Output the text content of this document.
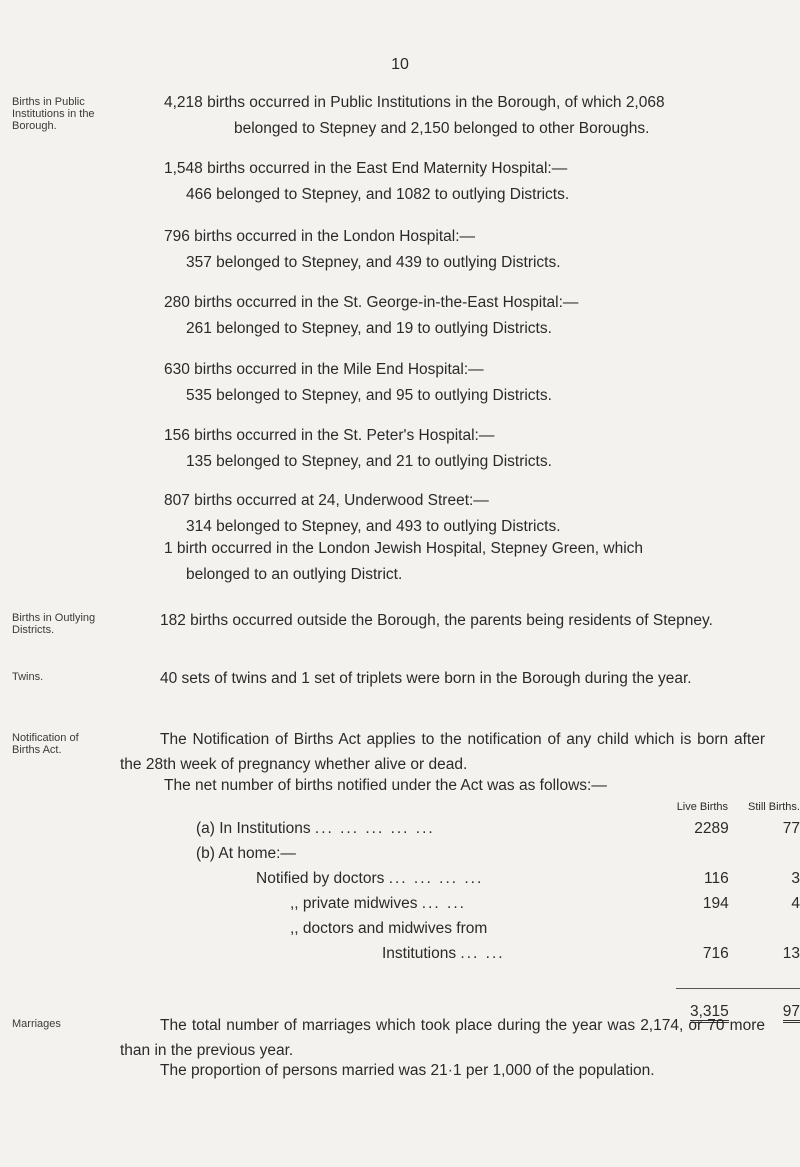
10
Births in Public Institutions in the Borough.
Births in Outlying Districts.
Twins.
Notification of Births Act.
Marriages
4,218 births occurred in Public Institutions in the Borough, of which 2,068
belonged to Stepney and 2,150 belonged to other Boroughs.
1,548 births occurred in the East End Maternity Hospital:—
466 belonged to Stepney, and 1082 to outlying Districts.
796 births occurred in the London Hospital:—
357 belonged to Stepney, and 439 to outlying Districts.
280 births occurred in the St. George-in-the-East Hospital:—
261 belonged to Stepney, and 19 to outlying Districts.
630 births occurred in the Mile End Hospital:—
535 belonged to Stepney, and 95 to outlying Districts.
156 births occurred in the St. Peter's Hospital:—
135 belonged to Stepney, and 21 to outlying Districts.
807 births occurred at 24, Underwood Street:—
314 belonged to Stepney, and 493 to outlying Districts.
1 birth occurred in the London Jewish Hospital, Stepney Green, which
belonged to an outlying District.
182 births occurred outside the Borough, the parents being residents of Stepney.
40 sets of twins and 1 set of triplets were born in the Borough during the year.
The Notification of Births Act applies to the notification of any child which is born after the 28th week of pregnancy whether alive or dead.
The net number of births notified under the Act was as follows:—
	Live Births	Still Births.
(a) In Institutions ... ... ... ... ...	2289	77
(b) At home:—		
Notified by doctors ... ... ... ...	116	3
,, private midwives ... ...	194	4
,, doctors and midwives from		
Institutions ... ...	716	13

	3,315	97
The total number of marriages which took place during the year was 2,174, or 70 more than in the previous year.
The proportion of persons married was 21·1 per 1,000 of the population.
